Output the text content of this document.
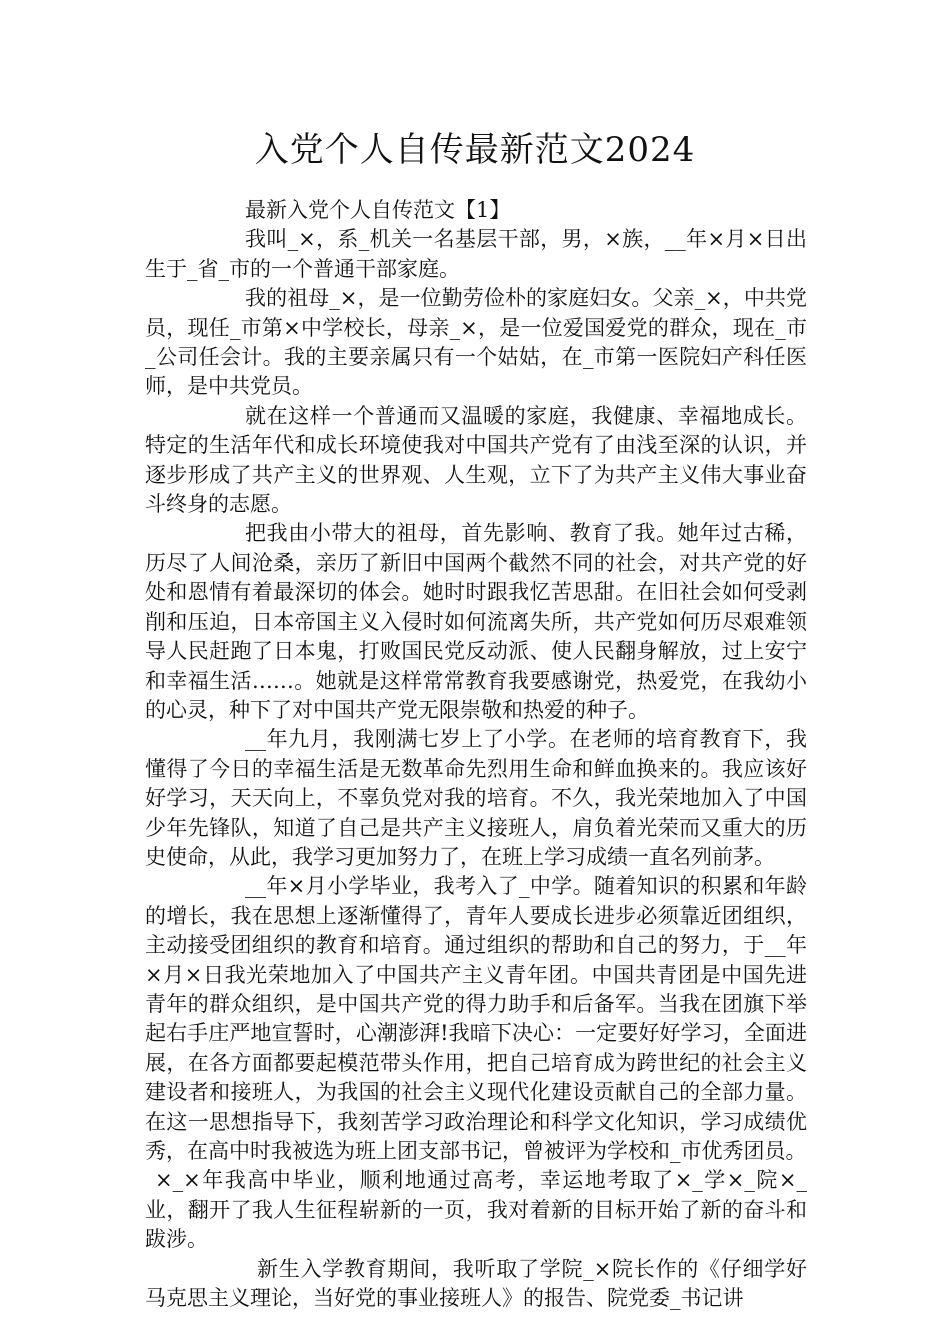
入党个人自传最新范文2024

最新入党个人自传范文【1】

我叫_×，系_机关一名基层干部，男，×族，__年×月×日出生于_省_市的一个普通干部家庭。

我的祖母_×，是一位勤劳俭朴的家庭妇女。父亲_×，中共党员，现任_市第×中学校长，母亲_×，是一位爱国爱党的群众，现在_市_公司任会计。我的主要亲属只有一个姑姑，在_市第一医院妇产科任医师，是中共党员。

就在这样一个普通而又温暖的家庭，我健康、幸福地成长。特定的生活年代和成长环境使我对中国共产党有了由浅至深的认识，并逐步形成了共产主义的世界观、人生观，立下了为共产主义伟大事业奋斗终身的志愿。

把我由小带大的祖母，首先影响、教育了我。她年过古稀，历尽了人间沧桑，亲历了新旧中国两个截然不同的社会，对共产党的好处和恩情有着最深切的体会。她时时跟我忆苦思甜。在旧社会如何受剥削和压迫，日本帝国主义入侵时如何流离失所，共产党如何历尽艰难领导人民赶跑了日本鬼，打败国民党反动派、使人民翻身解放，过上安宁和幸福生活……。她就是这样常常教育我要感谢党，热爱党，在我幼小的心灵，种下了对中国共产党无限崇敬和热爱的种子。

__年九月，我刚满七岁上了小学。在老师的培育教育下，我懂得了今日的幸福生活是无数革命先烈用生命和鲜血换来的。我应该好好学习，天天向上，不辜负党对我的培育。不久，我光荣地加入了中国少年先锋队，知道了自己是共产主义接班人，肩负着光荣而又重大的历史使命，从此，我学习更加努力了，在班上学习成绩一直名列前茅。

__年×月小学毕业，我考入了_中学。随着知识的积累和年龄的增长，我在思想上逐渐懂得了，青年人要成长进步必须靠近团组织，主动接受团组织的教育和培育。通过组织的帮助和自己的努力，于__年×月×日我光荣地加入了中国共产主义青年团。中国共青团是中国先进青年的群众组织，是中国共产党的得力助手和后备军。当我在团旗下举起右手庄严地宣誓时，心潮澎湃!我暗下决心：一定要好好学习，全面进展，在各方面都要起模范带头作用，把自己培育成为跨世纪的社会主义建设者和接班人，为我国的社会主义现代化建设贡献自己的全部力量。在这一思想指导下，我刻苦学习政治理论和科学文化知识，学习成绩优秀，在高中时我被选为班上团支部书记，曾被评为学校和_市优秀团员。

×_×年我高中毕业，顺利地通过高考，幸运地考取了×_学×_院×_业，翻开了我人生征程崭新的一页，我对着新的目标开始了新的奋斗和跋涉。

新生入学教育期间，我听取了学院_×院长作的《仔细学好马克思主义理论，当好党的事业接班人》的报告、院党委_书记讲
